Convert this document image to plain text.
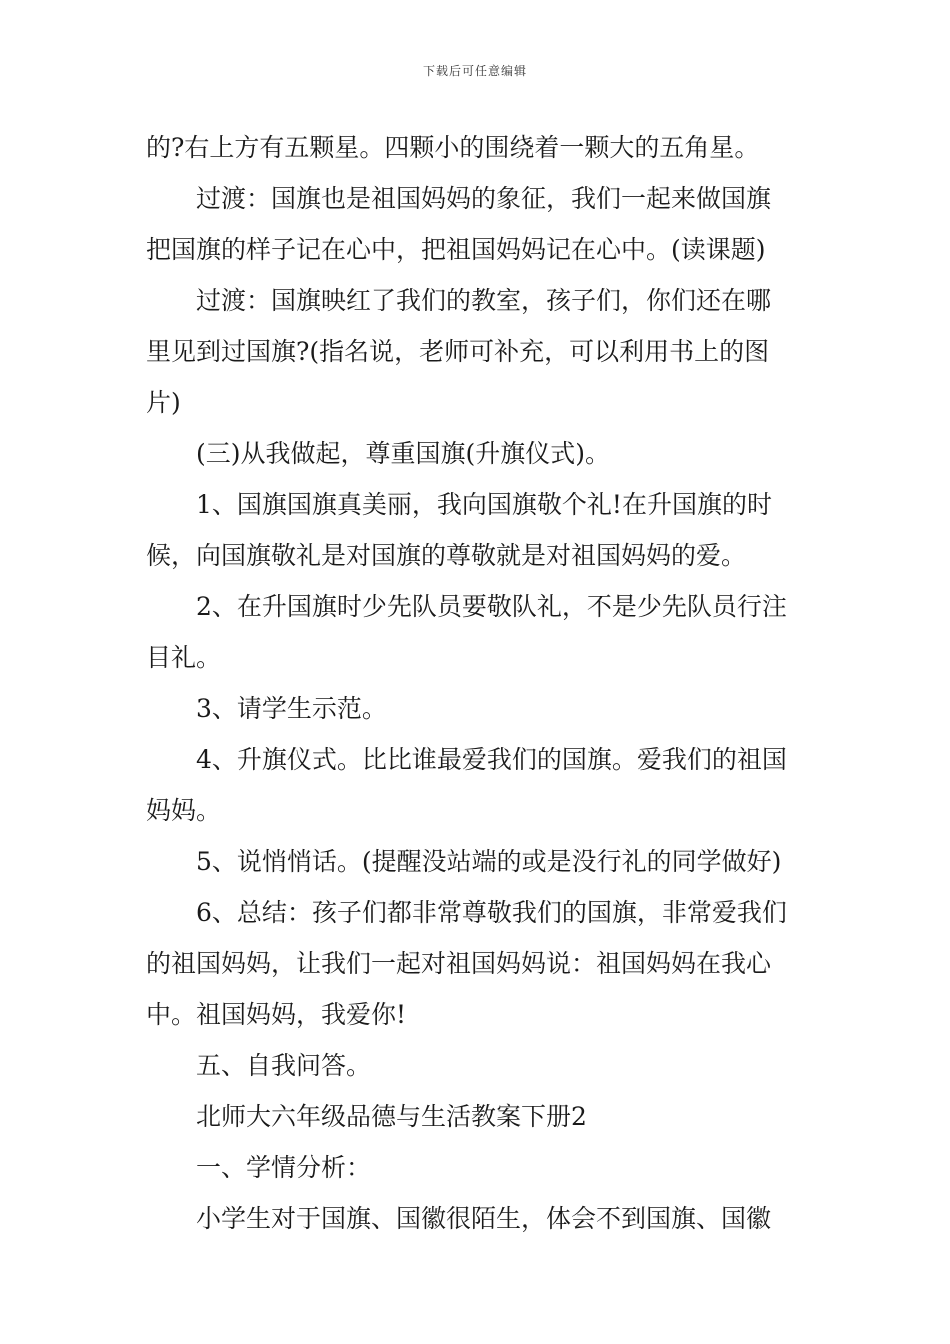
下载后可任意编辑
的?右上方有五颗星。四颗小的围绕着一颗大的五角星。
过渡：国旗也是祖国妈妈的象征，我们一起来做国旗
把国旗的样子记在心中，把祖国妈妈记在心中。(读课题)
过渡：国旗映红了我们的教室，孩子们，你们还在哪
里见到过国旗?(指名说，老师可补充，可以利用书上的图
片)
(三)从我做起，尊重国旗(升旗仪式)。
1、国旗国旗真美丽，我向国旗敬个礼!在升国旗的时
候，向国旗敬礼是对国旗的尊敬就是对祖国妈妈的爱。
2、在升国旗时少先队员要敬队礼，不是少先队员行注
目礼。
3、请学生示范。
4、升旗仪式。比比谁最爱我们的国旗。爱我们的祖国
妈妈。
5、说悄悄话。(提醒没站端的或是没行礼的同学做好)
6、总结：孩子们都非常尊敬我们的国旗，非常爱我们
的祖国妈妈，让我们一起对祖国妈妈说：祖国妈妈在我心
中。祖国妈妈，我爱你!
五、自我问答。
北师大六年级品德与生活教案下册2
一、学情分析：
小学生对于国旗、国徽很陌生，体会不到国旗、国徽
